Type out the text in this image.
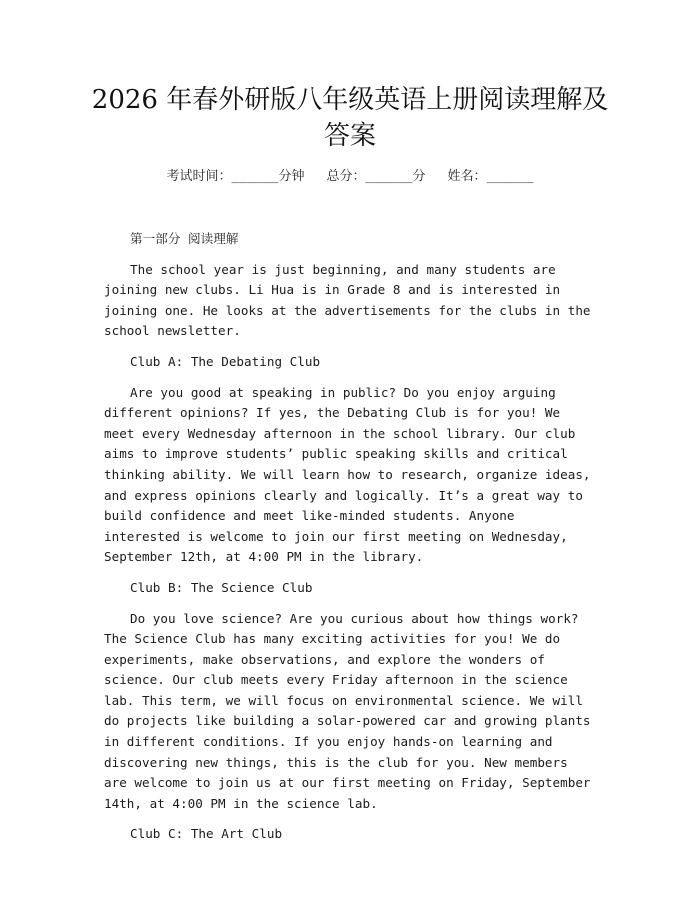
2026 年春外研版八年级英语上册阅读理解及答案
考试时间：______分钟 总分：______分 姓名：______

第一部分 阅读理解

The school year is just beginning, and many students are joining new clubs. Li Hua is in Grade 8 and is interested in joining one. He looks at the advertisements for the clubs in the school newsletter.

Club A: The Debating Club

Are you good at speaking in public? Do you enjoy arguing different opinions? If yes, the Debating Club is for you! We meet every Wednesday afternoon in the school library. Our club aims to improve students’ public speaking skills and critical thinking ability. We will learn how to research, organize ideas, and express opinions clearly and logically. It’s a great way to build confidence and meet like-minded students. Anyone interested is welcome to join our first meeting on Wednesday, September 12th, at 4:00 PM in the library.

Club B: The Science Club

Do you love science? Are you curious about how things work? The Science Club has many exciting activities for you! We do experiments, make observations, and explore the wonders of science. Our club meets every Friday afternoon in the science lab. This term, we will focus on environmental science. We will do projects like building a solar-powered car and growing plants in different conditions. If you enjoy hands-on learning and discovering new things, this is the club for you. New members are welcome to join us at our first meeting on Friday, September 14th, at 4:00 PM in the science lab.

Club C: The Art Club
